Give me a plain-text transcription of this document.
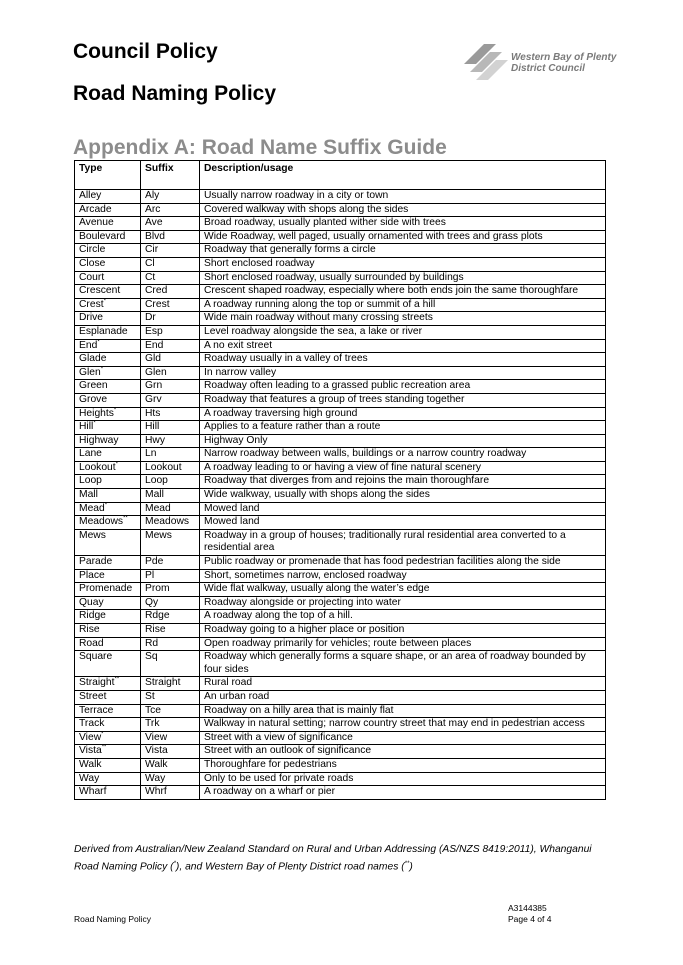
Council Policy
Road Naming Policy
Western Bay of Plenty
District Council
Appendix A: Road Name Suffix Guide
Type	Suffix	Description/usage
Alley	Aly	Usually narrow roadway in a city or town
Arcade	Arc	Covered walkway with shops along the sides
Avenue	Ave	Broad roadway, usually planted wither side with trees
Boulevard	Blvd	Wide Roadway, well paged, usually ornamented with trees and grass plots
Circle	Cir	Roadway that generally forms a circle
Close	Cl	Short enclosed roadway
Court	Ct	Short enclosed roadway, usually surrounded by buildings
Crescent	Cred	Crescent shaped roadway, especially where both ends join the same thoroughfare
Crest*	Crest	A roadway running along the top or summit of a hill
Drive	Dr	Wide main roadway without many crossing streets
Esplanade	Esp	Level roadway alongside the sea, a lake or river
End*	End	A no exit street
Glade	Gld	Roadway usually in a valley of trees
Glen*	Glen	In narrow valley
Green	Grn	Roadway often leading to a grassed public recreation area
Grove	Grv	Roadway that features a group of trees standing together
Heights*	Hts	A roadway traversing high ground
Hill*	Hill	Applies to a feature rather than a route
Highway	Hwy	Highway Only
Lane	Ln	Narrow roadway between walls, buildings or a narrow country roadway
Lookout*	Lookout	A roadway leading to or having a view of fine natural scenery
Loop	Loop	Roadway that diverges from and rejoins the main thoroughfare
Mall	Mall	Wide walkway, usually with shops along the sides
Mead*	Mead	Mowed land
Meadows**	Meadows	Mowed land
Mews	Mews	Roadway in a group of houses; traditionally rural residential area converted to a residential area
Parade	Pde	Public roadway or promenade that has food pedestrian facilities along the side
Place	Pl	Short, sometimes narrow, enclosed roadway
Promenade	Prom	Wide flat walkway, usually along the water’s edge
Quay	Qy	Roadway alongside or projecting into water
Ridge	Rdge	A roadway along the top of a hill.
Rise	Rise	Roadway going to a higher place or position
Road	Rd	Open roadway primarily for vehicles; route between places
Square	Sq	Roadway which generally forms a square shape, or an area of roadway bounded by four sides
Straight**	Straight	Rural road
Street	St	An urban road
Terrace	Tce	Roadway on a hilly area that is mainly flat
Track	Trk	Walkway in natural setting; narrow country street that may end in pedestrian access
View*	View	Street with a view of significance
Vista**	Vista	Street with an outlook of significance
Walk	Walk	Thoroughfare for pedestrians
Way	Way	Only to be used for private roads
Wharf	Whrf	A roadway on a wharf or pier
Derived from Australian/New Zealand Standard on Rural and Urban Addressing (AS/NZS 8419:2011), Whanganui Road Naming Policy (*), and Western Bay of Plenty District road names (**)
A3144385
Road Naming Policy	Page 4 of 4
